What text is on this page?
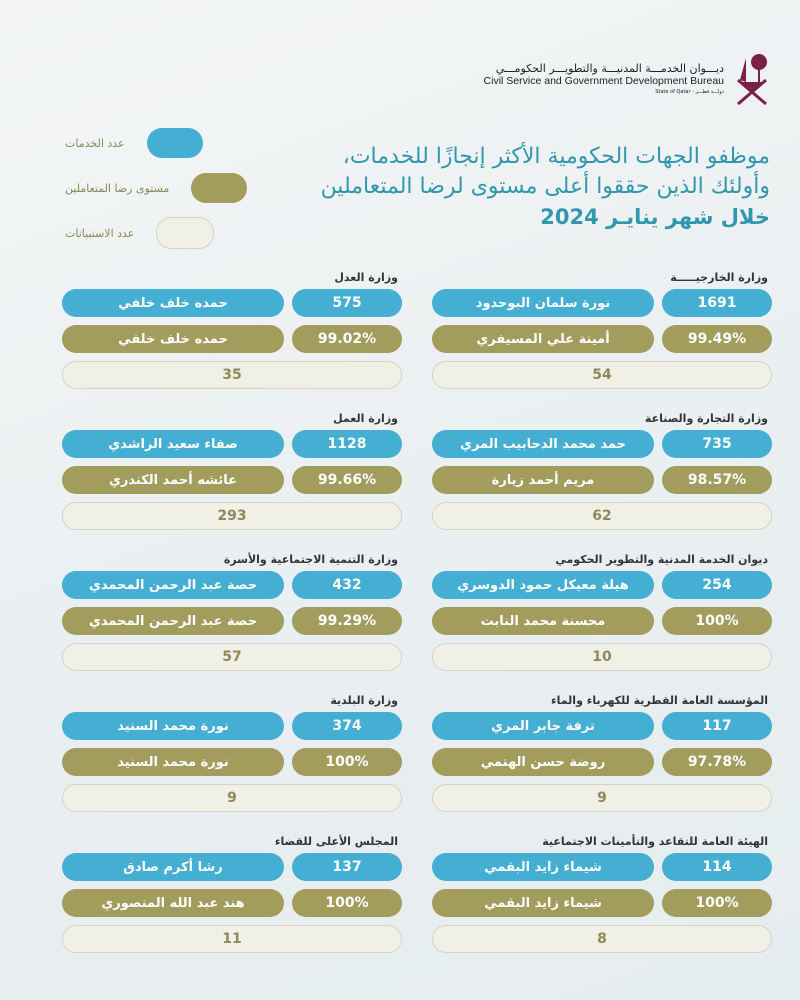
ديـــوان الخدمـــة المدنيـــة والتطويـــر الحكومـــي
Civil Service and Government Development Bureau
State of Qatar - دولـــة قطـــر
موظفو الجهات الحكومية الأكثر إنجازًا للخدمات،
وأولئك الذين حققوا أعلى مستوى لرضا المتعاملين
خلال شهر ينايـر 2024
عدد الخدمات
مستوى رضا المتعاملين
عدد الاستبيانات
وزارة الخارجيـــــة
1691
نورة سلمان البوحدود
99.49%
أمينة علي المسيفري
54
وزارة العدل
575
حمده خلف خلفي
99.02%
حمده خلف خلفي
35
وزارة التجارة والصناعة
735
حمد محمد الدحابيب المري
98.57%
مريم أحمد زيارة
62
وزارة العمل
1128
صفاء سعيد الراشدي
99.66%
عائشه أحمد الكندري
293
ديوان الخدمة المدنية والتطوير الحكومي
254
هيلة معيكل حمود الدوسري
100%
محسنة محمد النابت
10
وزارة التنمية الاجتماعية والأسرة
432
حصة عبد الرحمن المحمدي
99.29%
حصة عبد الرحمن المحمدي
57
المؤسسة العامة القطرية للكهرباء والماء
117
ترفة جابر المري
97.78%
روضة حسن الهتمي
9
وزارة البلدية
374
نورة محمد السنيد
100%
نورة محمد السنيد
9
الهيئة العامة للتقاعد والتأمينات الاجتماعية
114
شيماء زايد البقمي
100%
شيماء زايد البقمي
8
المجلس الأعلى للقضاء
137
رشا أكرم صادق
100%
هند عبد الله المنصوري
11
